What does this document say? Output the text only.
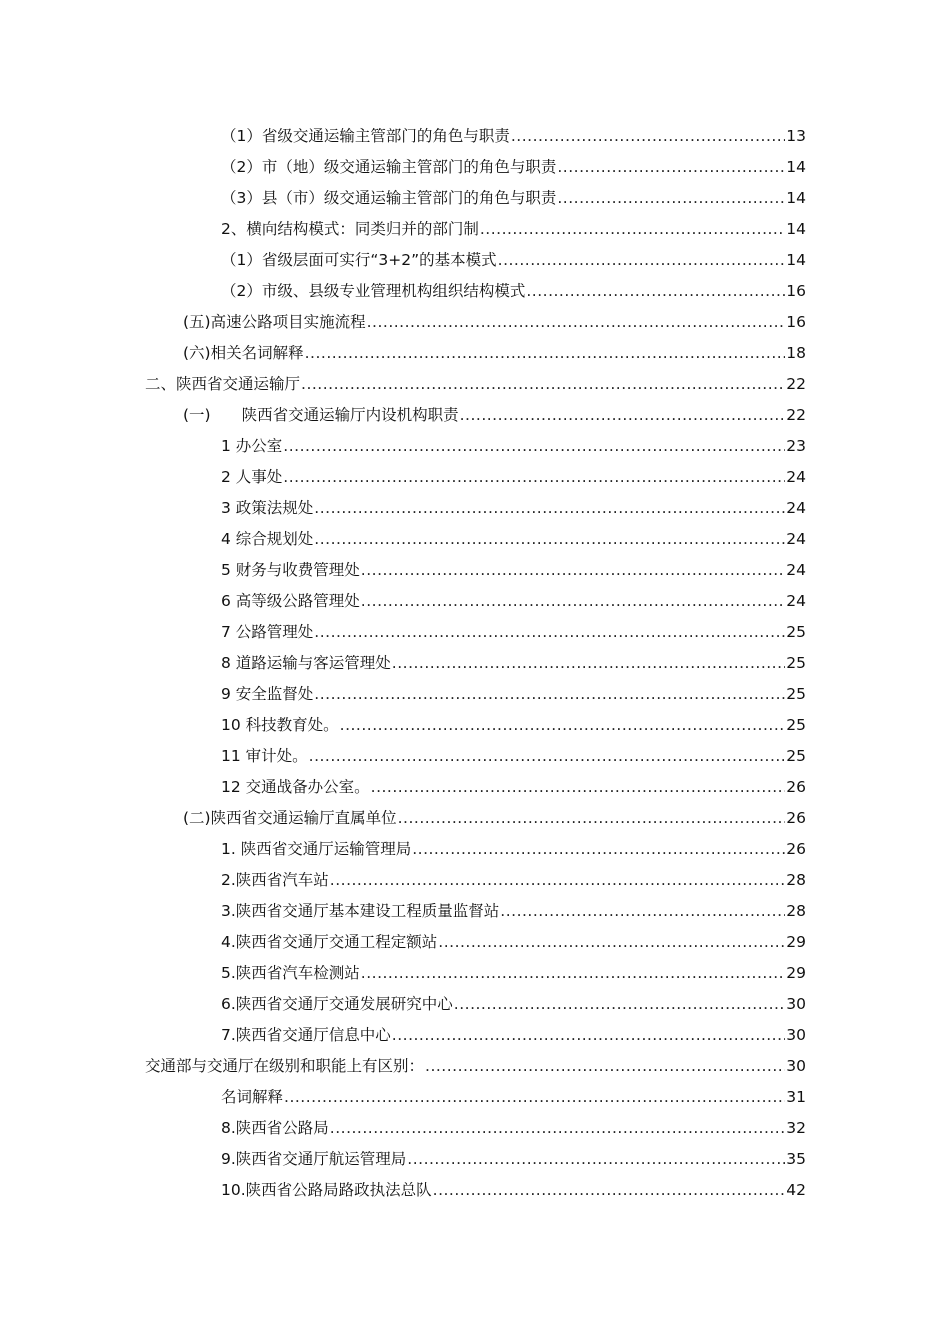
（1）省级交通运输主管部门的角色与职责 .....	13
（2）市（地）级交通运输主管部门的角色与职责 .....	14
（3）县（市）级交通运输主管部门的角色与职责 .....	14
2、横向结构模式：同类归并的部门制 .....	14
（1）省级层面可实行“3+2”的基本模式 .....	14
（2）市级、县级专业管理机构组织结构模式 .....	16
(五)高速公路项目实施流程 .....	16
(六)相关名词解释 .....	18
二、陕西省交通运输厅 .....	22
(一)　　陕西省交通运输厅内设机构职责 .....	22
1 办公室 .....	23
2 人事处 .....	24
3 政策法规处 .....	24
4 综合规划处 .....	24
5 财务与收费管理处 .....	24
6 高等级公路管理处 .....	24
7 公路管理处 .....	25
8 道路运输与客运管理处 .....	25
9 安全监督处 .....	25
10 科技教育处。 .....	25
11 审计处。 .....	25
12 交通战备办公室。 .....	26
(二)陕西省交通运输厅直属单位 .....	26
1. 陕西省交通厅运输管理局 .....	26
2.陕西省汽车站 .....	28
3.陕西省交通厅基本建设工程质量监督站 .....	28
4.陕西省交通厅交通工程定额站 .....	29
5.陕西省汽车检测站 .....	29
6.陕西省交通厅交通发展研究中心 .....	30
7.陕西省交通厅信息中心 .....	30
交通部与交通厅在级别和职能上有区别： .....	30
名词解释 .....	31
8.陕西省公路局 .....	32
9.陕西省交通厅航运管理局 .....	35
10.陕西省公路局路政执法总队 .....	42
